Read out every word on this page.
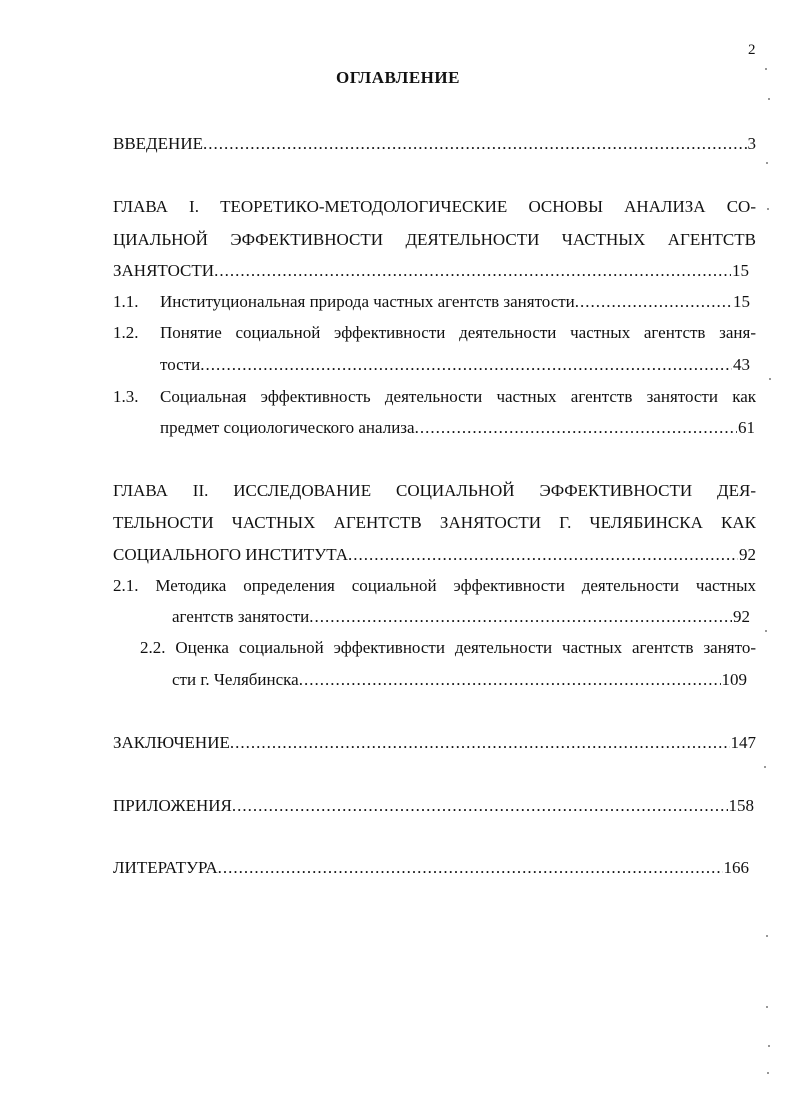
2
ОГЛАВЛЕНИЕ
ВВЕДЕНИЕ .....	3
ГЛАВА I. ТЕОРЕТИКО-МЕТОДОЛОГИЧЕСКИЕ ОСНОВЫ АНАЛИЗА СО-
ЦИАЛЬНОЙ ЭФФЕКТИВНОСТИ ДЕЯТЕЛЬНОСТИ ЧАСТНЫХ АГЕНТСТВ
ЗАНЯТОСТИ .....	15
1.1. Институциональная природа частных агентств занятости .....	15
1.2. Понятие социальной эффективности деятельности частных агентств заня-
тости .....	43
1.3. Социальная эффективность деятельности частных агентств занятости как
предмет социологического анализа .....	61
ГЛАВА II. ИССЛЕДОВАНИЕ СОЦИАЛЬНОЙ ЭФФЕКТИВНОСТИ ДЕЯ-
ТЕЛЬНОСТИ ЧАСТНЫХ АГЕНТСТВ ЗАНЯТОСТИ Г. ЧЕЛЯБИНСКА КАК
СОЦИАЛЬНОГО ИНСТИТУТА .....	92
2.1. Методика определения социальной эффективности деятельности частных
агентств занятости .....	92
2.2. Оценка социальной эффективности деятельности частных агентств занято-
сти г. Челябинска .....	109
ЗАКЛЮЧЕНИЕ .....	147
ПРИЛОЖЕНИЯ .....	158
ЛИТЕРАТУРА .....	166
